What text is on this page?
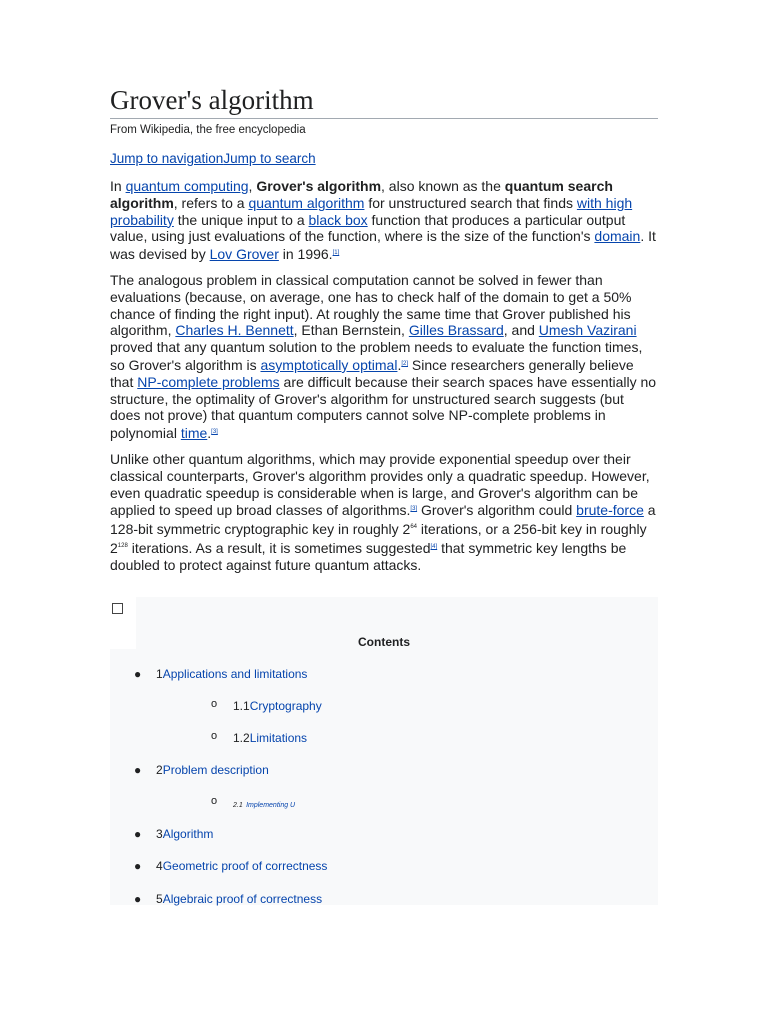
Grover's algorithm
From Wikipedia, the free encyclopedia
Jump to navigationJump to search
In quantum computing, Grover's algorithm, also known as the quantum search algorithm, refers to a quantum algorithm for unstructured search that finds with high probability the unique input to a black box function that produces a particular output value, using just evaluations of the function, where is the size of the function's domain. It was devised by Lov Grover in 1996.[1]
The analogous problem in classical computation cannot be solved in fewer than evaluations (because, on average, one has to check half of the domain to get a 50% chance of finding the right input). At roughly the same time that Grover published his algorithm, Charles H. Bennett, Ethan Bernstein, Gilles Brassard, and Umesh Vazirani proved that any quantum solution to the problem needs to evaluate the function times, so Grover's algorithm is asymptotically optimal.[2] Since researchers generally believe that NP-complete problems are difficult because their search spaces have essentially no structure, the optimality of Grover's algorithm for unstructured search suggests (but does not prove) that quantum computers cannot solve NP-complete problems in polynomial time.[3]
Unlike other quantum algorithms, which may provide exponential speedup over their classical counterparts, Grover's algorithm provides only a quadratic speedup. However, even quadratic speedup is considerable when is large, and Grover's algorithm can be applied to speed up broad classes of algorithms.[3] Grover's algorithm could brute-force a 128-bit symmetric cryptographic key in roughly $2^{64}$ iterations, or a 256-bit key in roughly $2^{128}$ iterations. As a result, it is sometimes suggested[4] that symmetric key lengths be doubled to protect against future quantum attacks.
Contents
● 1Applications and limitations
o 1.1Cryptography
o 1.2Limitations
● 2Problem description
o 2.1 Implementing U
● 3Algorithm
● 4Geometric proof of correctness
● 5Algebraic proof of correctness
